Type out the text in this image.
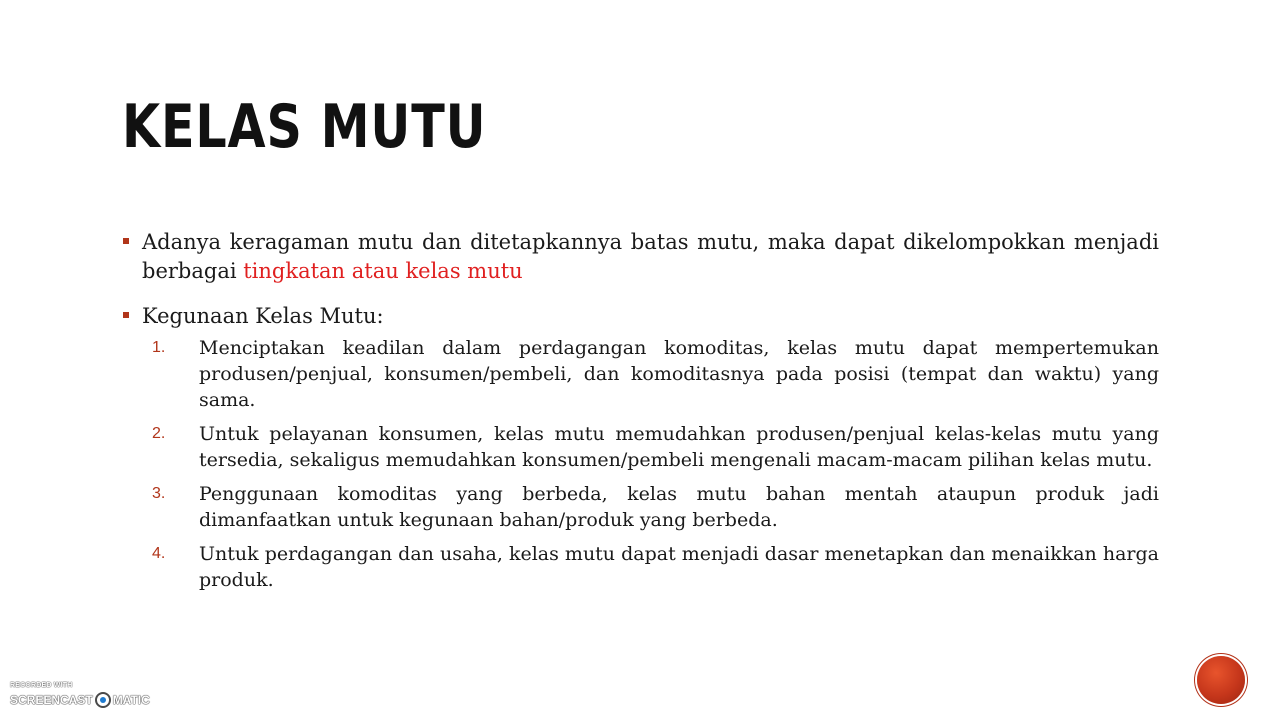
KELAS MUTU

Adanya keragaman mutu dan ditetapkannya batas mutu, maka dapat dikelompokkan menjadi berbagai tingkatan atau kelas mutu

Kegunaan Kelas Mutu:
1. Menciptakan keadilan dalam perdagangan komoditas, kelas mutu dapat mempertemukan produsen/penjual, konsumen/pembeli, dan komoditasnya pada posisi (tempat dan waktu) yang sama.
2. Untuk pelayanan konsumen, kelas mutu memudahkan produsen/penjual kelas-kelas mutu yang tersedia, sekaligus memudahkan konsumen/pembeli mengenali macam-macam pilihan kelas mutu.
3. Penggunaan komoditas yang berbeda, kelas mutu bahan mentah ataupun produk jadi dimanfaatkan untuk kegunaan bahan/produk yang berbeda.
4. Untuk perdagangan dan usaha, kelas mutu dapat menjadi dasar menetapkan dan menaikkan harga produk.
RECORDED WITH
SCREENCAST MATIC
